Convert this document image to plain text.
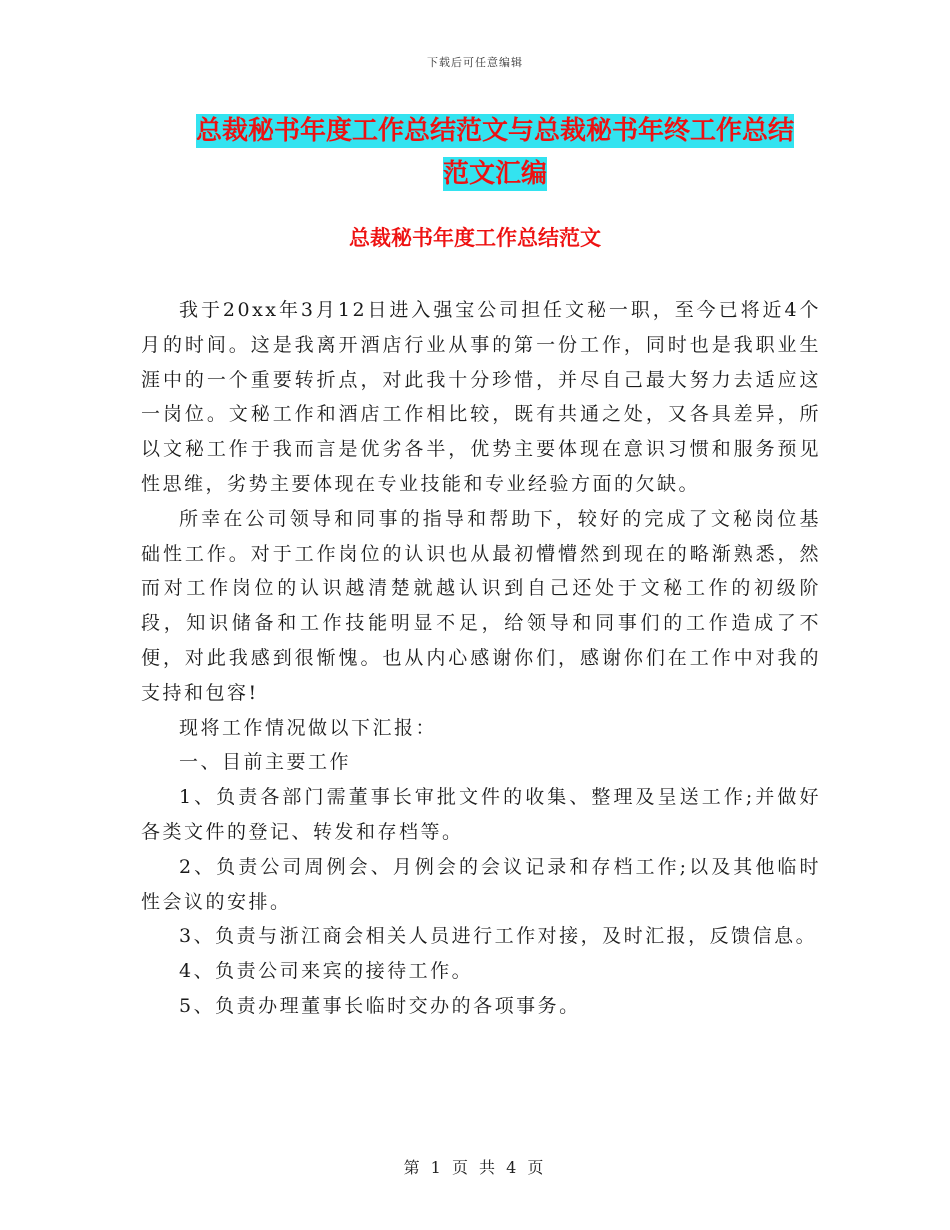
下载后可任意编辑
总裁秘书年度工作总结范文与总裁秘书年终工作总结
范文汇编
总裁秘书年度工作总结范文

我于20xx年3月12日进入强宝公司担任文秘一职，至今已将近4个月的时间。这是我离开酒店行业从事的第一份工作，同时也是我职业生涯中的一个重要转折点，对此我十分珍惜，并尽自己最大努力去适应这一岗位。文秘工作和酒店工作相比较，既有共通之处，又各具差异，所以文秘工作于我而言是优劣各半，优势主要体现在意识习惯和服务预见性思维，劣势主要体现在专业技能和专业经验方面的欠缺。

所幸在公司领导和同事的指导和帮助下，较好的完成了文秘岗位基础性工作。对于工作岗位的认识也从最初懵懵然到现在的略渐熟悉，然而对工作岗位的认识越清楚就越认识到自己还处于文秘工作的初级阶段，知识储备和工作技能明显不足，给领导和同事们的工作造成了不便，对此我感到很惭愧。也从内心感谢你们，感谢你们在工作中对我的支持和包容!

现将工作情况做以下汇报：

一、目前主要工作

1、负责各部门需董事长审批文件的收集、整理及呈送工作;并做好各类文件的登记、转发和存档等。

2、负责公司周例会、月例会的会议记录和存档工作;以及其他临时性会议的安排。

3、负责与浙江商会相关人员进行工作对接，及时汇报，反馈信息。

4、负责公司来宾的接待工作。

5、负责办理董事长临时交办的各项事务。

第 1 页 共 4 页
